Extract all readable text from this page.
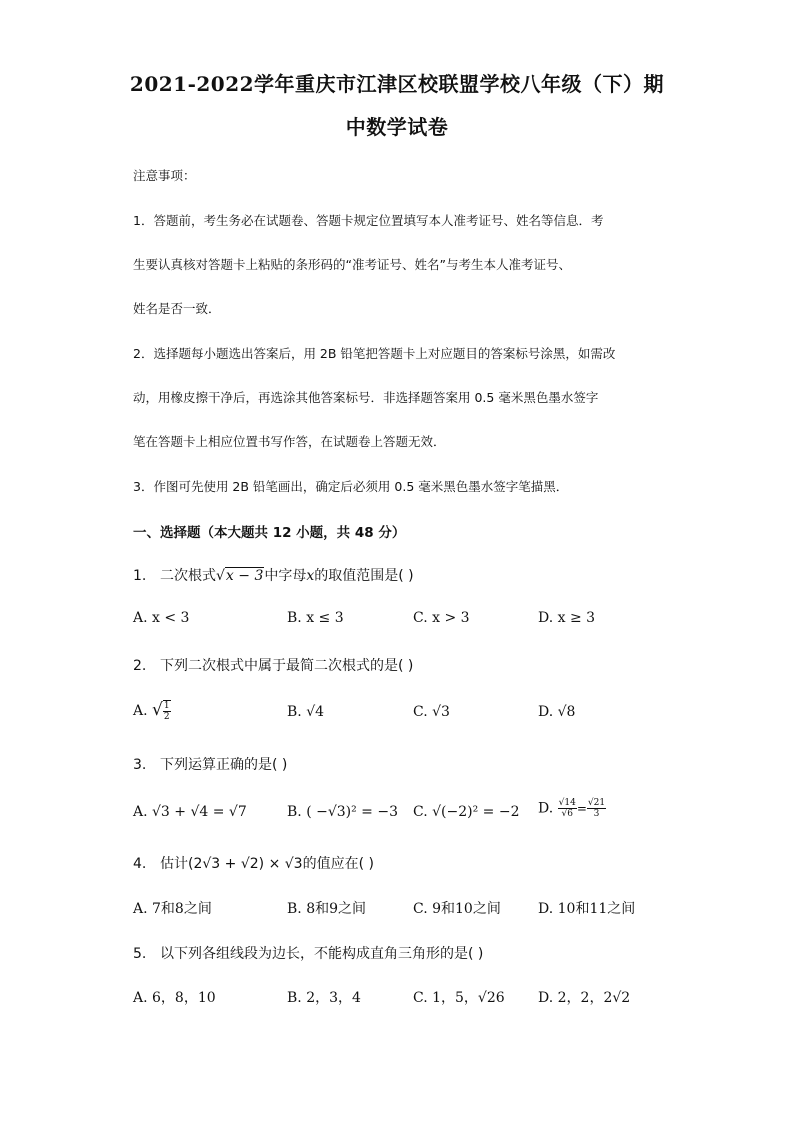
2021-2022学年重庆市江津区校联盟学校八年级（下）期
中数学试卷
注意事项：
1．答题前，考生务必在试题卷、答题卡规定位置填写本人准考证号、姓名等信息．考
生要认真核对答题卡上粘贴的条形码的“准考证号、姓名”与考生本人准考证号、
姓名是否一致．
2．选择题每小题选出答案后，用 2B 铅笔把答题卡上对应题目的答案标号涂黑，如需改
动，用橡皮擦干净后，再选涂其他答案标号．非选择题答案用 0.5 毫米黑色墨水签字
笔在答题卡上相应位置书写作答，在试题卷上答题无效．
3．作图可先使用 2B 铅笔画出，确定后必须用 0.5 毫米黑色墨水签字笔描黑．
一、选择题（本大题共 12 小题，共 48 分）
1. 二次根式√x − 3中字母x的取值范围是( )
A. x < 3	B. x ≤ 3	C. x > 3	D. x ≥ 3
2. 下列二次根式中属于最简二次根式的是( )
A. √ $\frac{1}{2}$	B. √4	C. √3	D. √8
3. 下列运算正确的是( )
A. √3 + √4 = √7	B. ( −√3)² = −3 C. √(−2)² = −2 D. $\frac{√14}{√6} = \frac{√21}{3}$
4. 估计(2√3 + √2) × √3的值应在( )
A. 7和8之间	B. 8和9之间	C. 9和10之间	D. 10和11之间
5. 以下列各组线段为边长，不能构成直角三角形的是( )
A. 6，8，10	B. 2，3，4	C. 1，5，√26 D. 2，2，2√2
